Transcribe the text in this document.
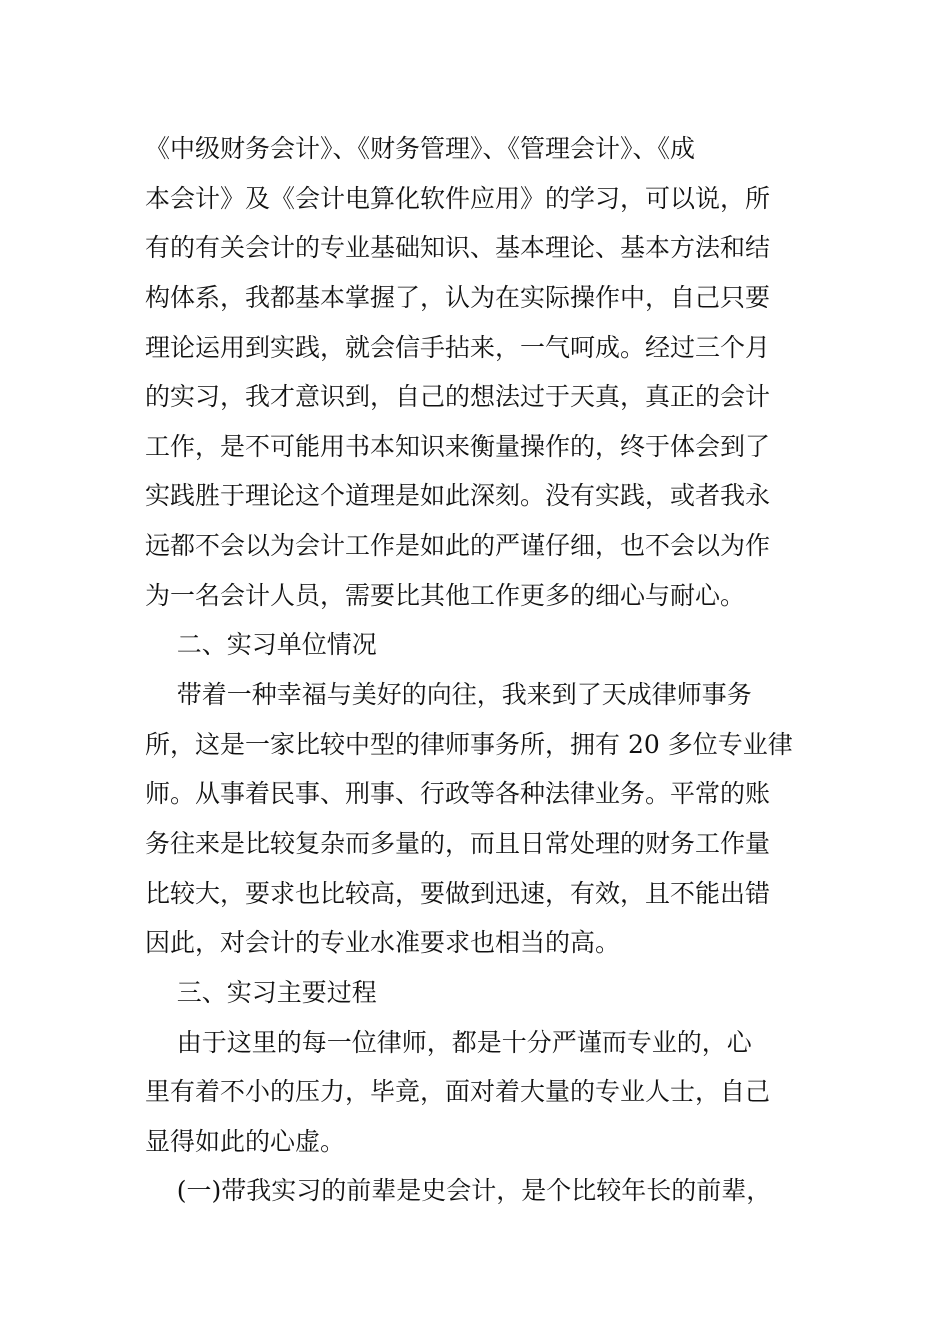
《中级财务会计》、《财务管理》、《管理会计》、《成
本会计》及《会计电算化软件应用》的学习，可以说，所
有的有关会计的专业基础知识、基本理论、基本方法和结
构体系，我都基本掌握了，认为在实际操作中，自己只要
理论运用到实践，就会信手拈来，一气呵成。经过三个月
的实习，我才意识到，自己的想法过于天真，真正的会计
工作，是不可能用书本知识来衡量操作的，终于体会到了
实践胜于理论这个道理是如此深刻。没有实践，或者我永
远都不会以为会计工作是如此的严谨仔细，也不会以为作
为一名会计人员，需要比其他工作更多的细心与耐心。
二、实习单位情况
带着一种幸福与美好的向往，我来到了天成律师事务
所，这是一家比较中型的律师事务所，拥有 20 多位专业律
师。从事着民事、刑事、行政等各种法律业务。平常的账
务往来是比较复杂而多量的，而且日常处理的财务工作量
比较大，要求也比较高，要做到迅速，有效，且不能出错
因此，对会计的专业水准要求也相当的高。
三、实习主要过程
由于这里的每一位律师，都是十分严谨而专业的，心
里有着不小的压力，毕竟，面对着大量的专业人士，自己
显得如此的心虚。
(一)带我实习的前辈是史会计，是个比较年长的前辈，
